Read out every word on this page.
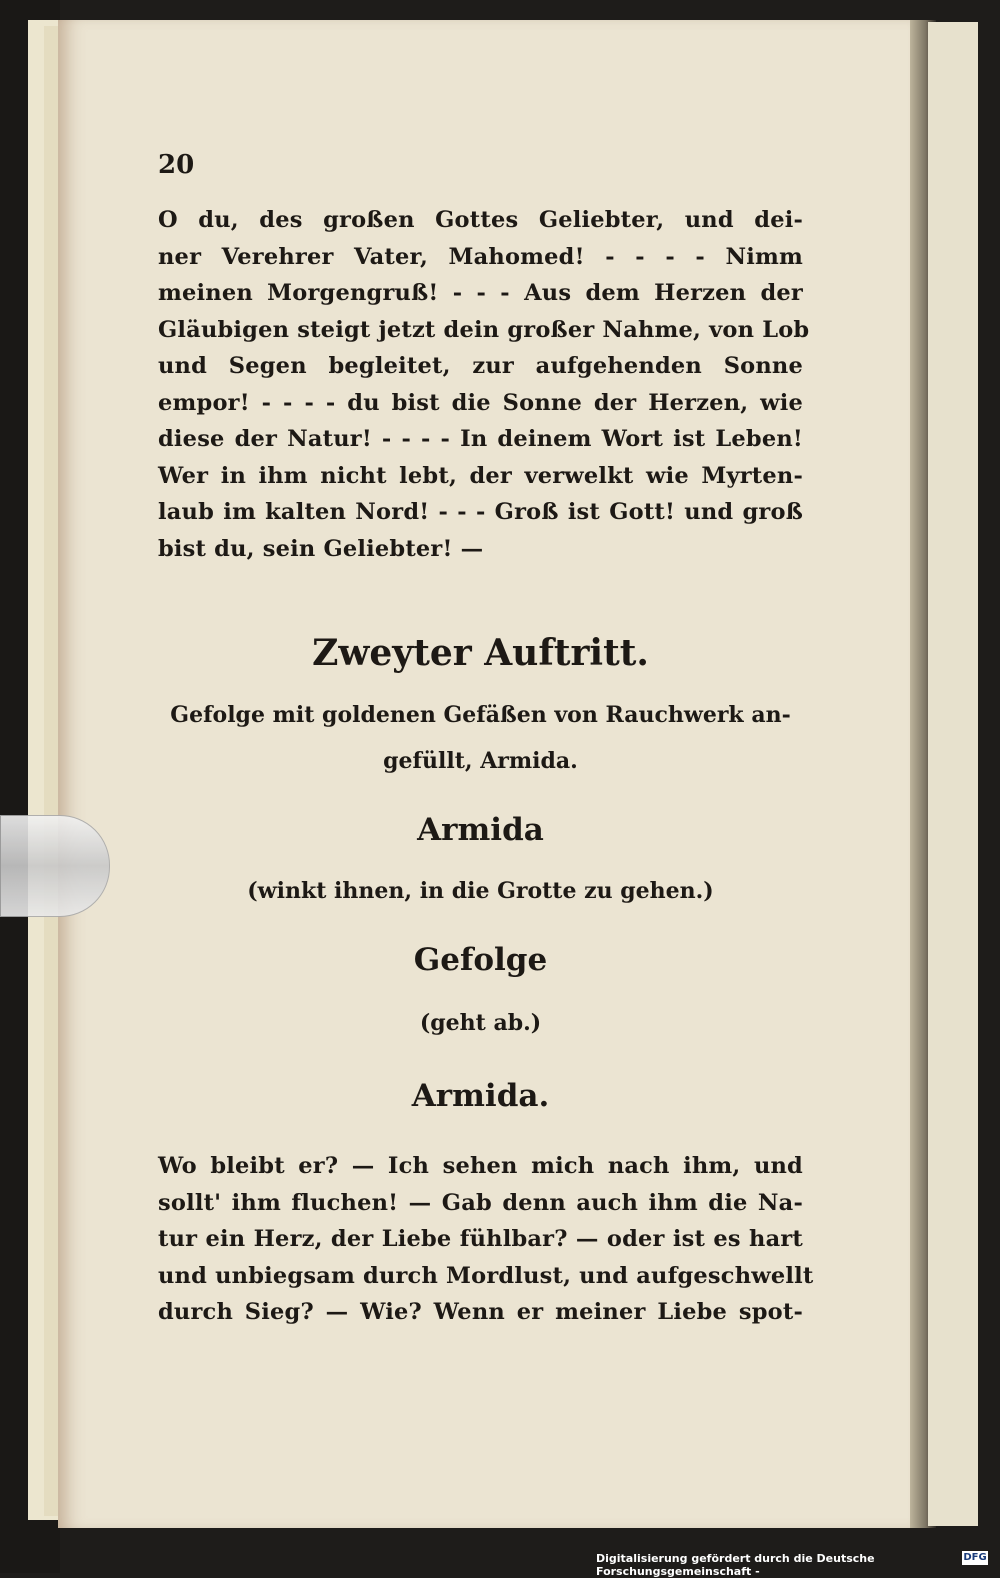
20
O du, des großen Gottes Geliebter, und dei-
ner Verehrer Vater, Mahomed! - - - - Nimm
meinen Morgengruß! - - - Aus dem Herzen der
Gläubigen steigt jetzt dein großer Nahme, von Lob
und Segen begleitet, zur aufgehenden Sonne
empor! - - - - du bist die Sonne der Herzen, wie
diese der Natur! - - - - In deinem Wort ist Leben!
Wer in ihm nicht lebt, der verwelkt wie Myrten-
laub im kalten Nord! - - - Groß ist Gott! und groß
bist du, sein Geliebter! —
Zweyter Auftritt.
Gefolge mit goldenen Gefäßen von Rauchwerk an-
gefüllt, Armida.
Armida
(winkt ihnen, in die Grotte zu gehen.)
Gefolge
(geht ab.)
Armida.
Wo bleibt er? — Ich sehen mich nach ihm, und
sollt' ihm fluchen! — Gab denn auch ihm die Na-
tur ein Herz, der Liebe fühlbar? — oder ist es hart
und unbiegsam durch Mordlust, und aufgeschwellt
durch Sieg? — Wie? Wenn er meiner Liebe spot-
Digitalisierung gefördert durch die Deutsche Forschungsgemeinschaft -
DFG
